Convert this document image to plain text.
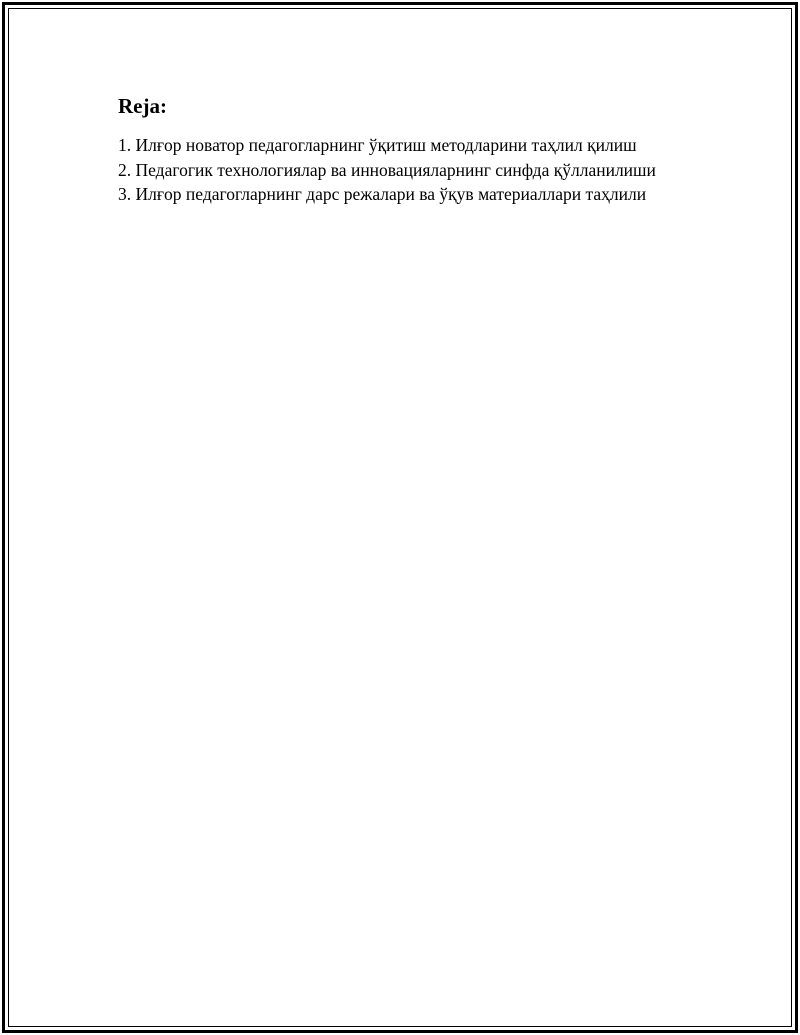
Reja:
1. Илғор новатор педагогларнинг ўқитиш методларини таҳлил қилиш
2. Педагогик технологиялар ва инновацияларнинг синфда қўлланилиши
3. Илғор педагогларнинг дарс режалари ва ўқув материаллари таҳлили
